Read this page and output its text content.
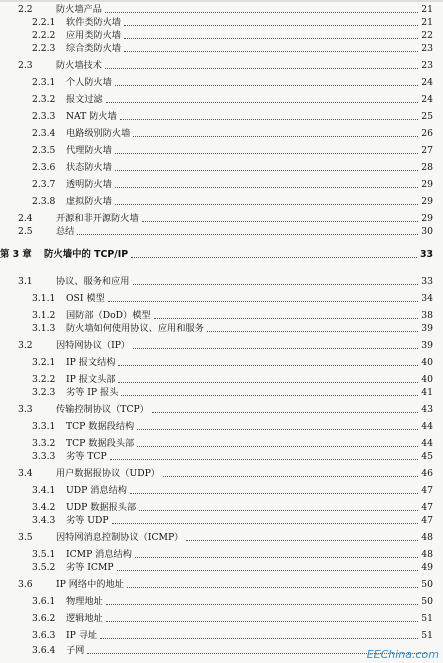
2.2	防火墙产品	21
2.2.1 软件类防火墙	21
2.2.2 应用类防火墙	22
2.2.3 综合类防火墙	23
2.3	防火墙技术	23
2.3.1 个人防火墙	24
2.3.2 报文过滤	24
2.3.3 NAT 防火墙	25
2.3.4 电路级别防火墙	26
2.3.5 代理防火墙	27
2.3.6 状态防火墙	28
2.3.7 透明防火墙	29
2.3.8 虚拟防火墙	29
2.4	开源和非开源防火墙	29
2.5	总结	30
第 3 章 防火墙中的 TCP/IP	33
3.1	协议、服务和应用	33
3.1.1 OSI 模型	34
3.1.2 国防部（DoD）模型	38
3.1.3 防火墙如何使用协议、应用和服务	39
3.2	因特网协议（IP）	39
3.2.1 IP 报文结构	40
3.2.2 IP 报文头部	40
3.2.3 劣等 IP 报头	41
3.3	传输控制协议（TCP）	43
3.3.1 TCP 数据段结构	44
3.3.2 TCP 数据段头部	44
3.3.3 劣等 TCP	45
3.4	用户数据报协议（UDP）	46
3.4.1 UDP 消息结构	47
3.4.2 UDP 数据报头部	47
3.4.3 劣等 UDP	47
3.5	因特网消息控制协议（ICMP）	48
3.5.1 ICMP 消息结构	48
3.5.2 劣等 ICMP	49
3.6	IP 网络中的地址	50
3.6.1 物理地址	50
3.6.2 逻辑地址	51
3.6.3 IP 寻址	51
3.6.4 子网	EEChina.com
